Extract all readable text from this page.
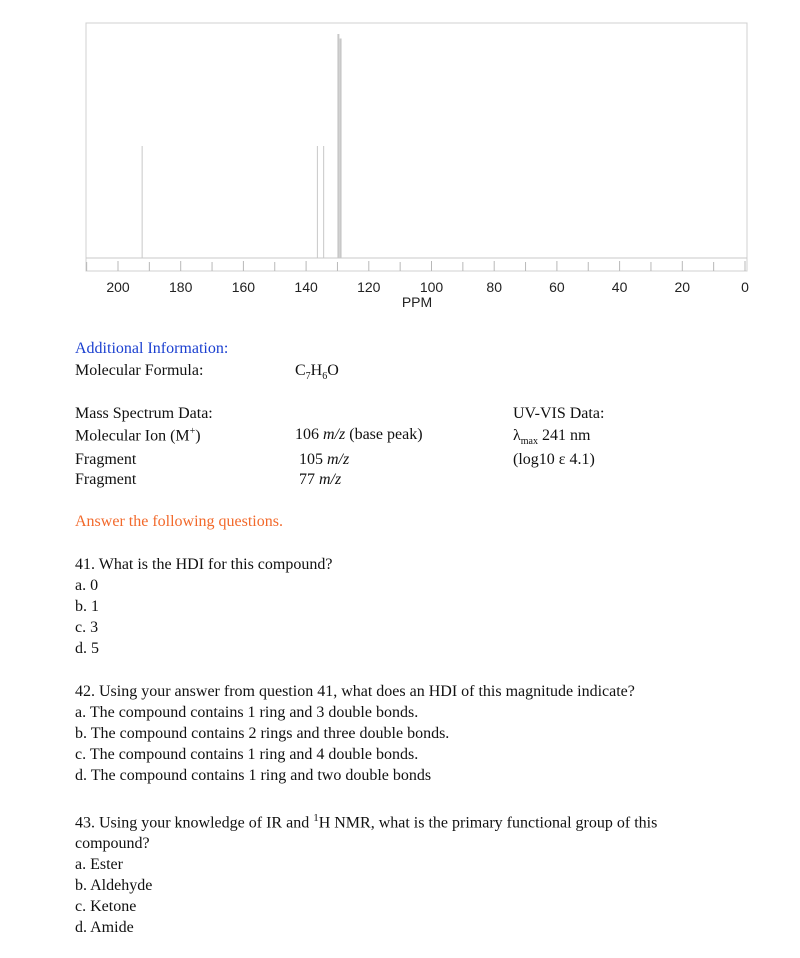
200	180	160	140	120	100	80	60	40	20	0
PPM
Additional Information:
Molecular Formula:	$C_7H_6O$
Mass Spectrum Data:
Molecular Ion (M+)	106 m/z (base peak)
Fragment	105 m/z
Fragment	77 m/z
UV-VIS Data:
$\lambda_{max}$ 241 nm
(log10 ε 4.1)
Answer the following questions.
41. What is the HDI for this compound?
a. 0
b. 1
c. 3
d. 5
42. Using your answer from question 41, what does an HDI of this magnitude indicate?
a. The compound contains 1 ring and 3 double bonds.
b. The compound contains 2 rings and three double bonds.
c. The compound contains 1 ring and 4 double bonds.
d. The compound contains 1 ring and two double bonds
43. Using your knowledge of IR and $^1$H NMR, what is the primary functional group of this
compound?
a. Ester
b. Aldehyde
c. Ketone
d. Amide
